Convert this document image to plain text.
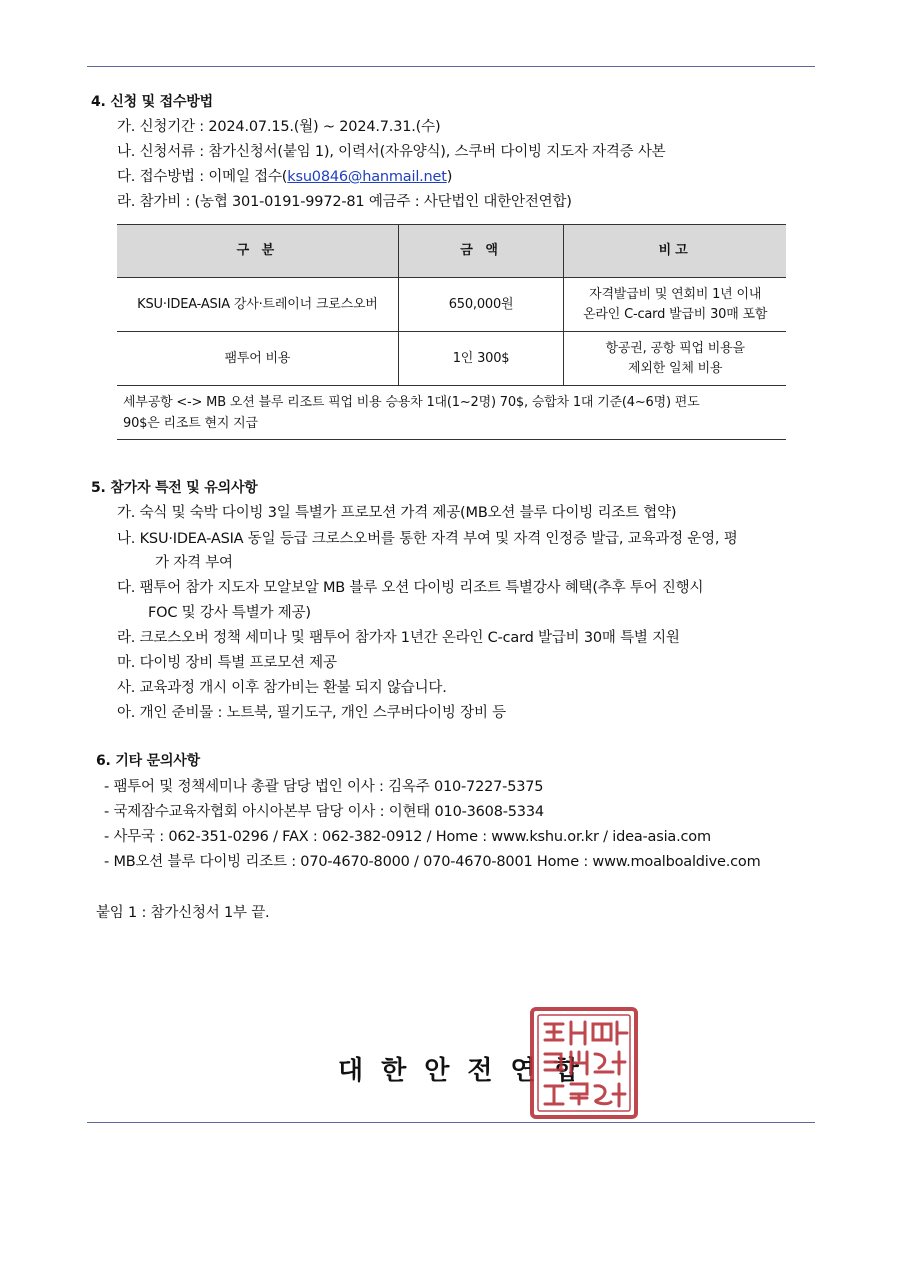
4. 신청 및 접수방법
가. 신청기간 : 2024.07.15.(월) ~ 2024.7.31.(수)
나. 신청서류 : 참가신청서(붙임 1), 이력서(자유양식), 스쿠버 다이빙 지도자 자격증 사본
다. 접수방법 : 이메일 접수(ksu0846@hanmail.net)
라. 참가비 : (농협 301-0191-9972-81 예금주 : 사단법인 대한안전연합)
구 분	금 액	비고
KSU·IDEA-ASIA 강사·트레이너 크로스오버	650,000원	자격발급비 및 연회비 1년 이내
온라인 C-card 발급비 30매 포함

팸투어 비용	1인 300$	항공권, 공항 픽업 비용을
제외한 일체 비용

세부공항 <-> MB 오션 블루 리조트 픽업 비용 승용차 1대(1~2명) 70$, 승합차 1대 기준(4~6명) 편도
90$은 리조트 현지 지급		
5. 참가자 특전 및 유의사항
가. 숙식 및 숙박 다이빙 3일 특별가 프로모션 가격 제공(MB오션 블루 다이빙 리조트 협약)
나. KSU·IDEA-ASIA 동일 등급 크로스오버를 통한 자격 부여 및 자격 인정증 발급, 교육과정 운영, 평
가 자격 부여
다. 팸투어 참가 지도자 모알보알 MB 블루 오션 다이빙 리조트 특별강사 혜택(추후 투어 진행시
FOC 및 강사 특별가 제공)
라. 크로스오버 정책 세미나 및 팸투어 참가자 1년간 온라인 C-card 발급비 30매 특별 지원
마. 다이빙 장비 특별 프로모션 제공
사. 교육과정 개시 이후 참가비는 환불 되지 않습니다.
아. 개인 준비물 : 노트북, 필기도구, 개인 스쿠버다이빙 장비 등
6. 기타 문의사항
- 팸투어 및 정책세미나 총괄 담당 법인 이사 : 김옥주 010-7227-5375
- 국제잠수교육자협회 아시아본부 담당 이사 : 이현태 010-3608-5334
- 사무국 : 062-351-0296 / FAX : 062-382-0912 / Home : www.kshu.or.kr / idea-asia.com
- MB오션 블루 다이빙 리조트 : 070-4670-8000 / 070-4670-8001 Home : www.moalboaldive.com
붙임 1 : 참가신청서 1부 끝.
대한안전연합
